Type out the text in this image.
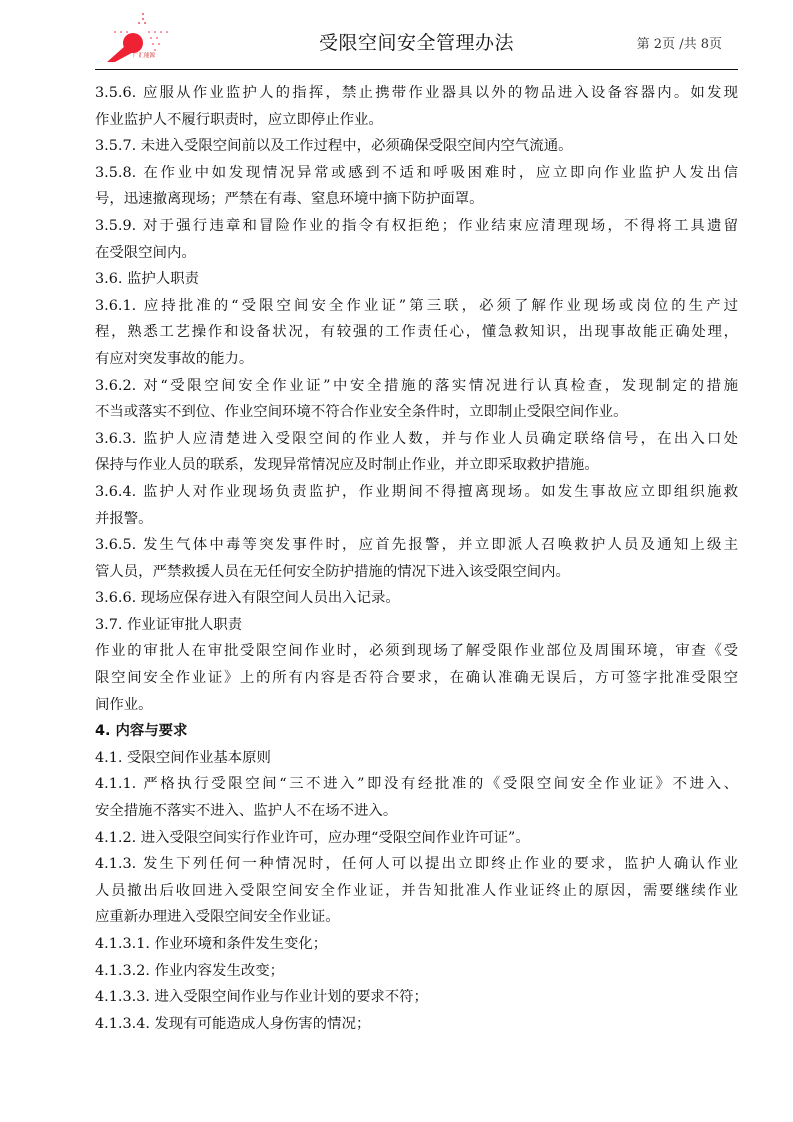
广汇能源
受限空间安全管理办法	第 2页 /共 8页
3.5.6. 应服从作业监护人的指挥，禁止携带作业器具以外的物品进入设备容器内。如发现
作业监护人不履行职责时，应立即停止作业。
3.5.7. 未进入受限空间前以及工作过程中，必须确保受限空间内空气流通。
3.5.8. 在作业中如发现情况异常或感到不适和呼吸困难时，应立即向作业监护人发出信
号，迅速撤离现场；严禁在有毒、窒息环境中摘下防护面罩。
3.5.9. 对于强行违章和冒险作业的指令有权拒绝；作业结束应清理现场，不得将工具遗留
在受限空间内。
3.6. 监护人职责
3.6.1. 应持批准的“受限空间安全作业证”第三联，必须了解作业现场或岗位的生产过
程，熟悉工艺操作和设备状况，有较强的工作责任心，懂急救知识，出现事故能正确处理，
有应对突发事故的能力。
3.6.2. 对“受限空间安全作业证”中安全措施的落实情况进行认真检查，发现制定的措施
不当或落实不到位、作业空间环境不符合作业安全条件时，立即制止受限空间作业。
3.6.3. 监护人应清楚进入受限空间的作业人数，并与作业人员确定联络信号，在出入口处
保持与作业人员的联系，发现异常情况应及时制止作业，并立即采取救护措施。
3.6.4. 监护人对作业现场负责监护，作业期间不得擅离现场。如发生事故应立即组织施救
并报警。
3.6.5. 发生气体中毒等突发事件时，应首先报警，并立即派人召唤救护人员及通知上级主
管人员，严禁救援人员在无任何安全防护措施的情况下进入该受限空间内。
3.6.6. 现场应保存进入有限空间人员出入记录。
3.7. 作业证审批人职责
作业的审批人在审批受限空间作业时，必须到现场了解受限作业部位及周围环境，审查《受
限空间安全作业证》上的所有内容是否符合要求，在确认准确无误后，方可签字批准受限空
间作业。
4. 内容与要求
4.1. 受限空间作业基本原则
4.1.1. 严格执行受限空间“三不进入”即没有经批准的《受限空间安全作业证》不进入、
安全措施不落实不进入、监护人不在场不进入。
4.1.2. 进入受限空间实行作业许可，应办理“受限空间作业许可证”。
4.1.3. 发生下列任何一种情况时，任何人可以提出立即终止作业的要求，监护人确认作业
人员撤出后收回进入受限空间安全作业证，并告知批准人作业证终止的原因，需要继续作业
应重新办理进入受限空间安全作业证。
4.1.3.1. 作业环境和条件发生变化；
4.1.3.2. 作业内容发生改变；
4.1.3.3. 进入受限空间作业与作业计划的要求不符；
4.1.3.4. 发现有可能造成人身伤害的情况；
